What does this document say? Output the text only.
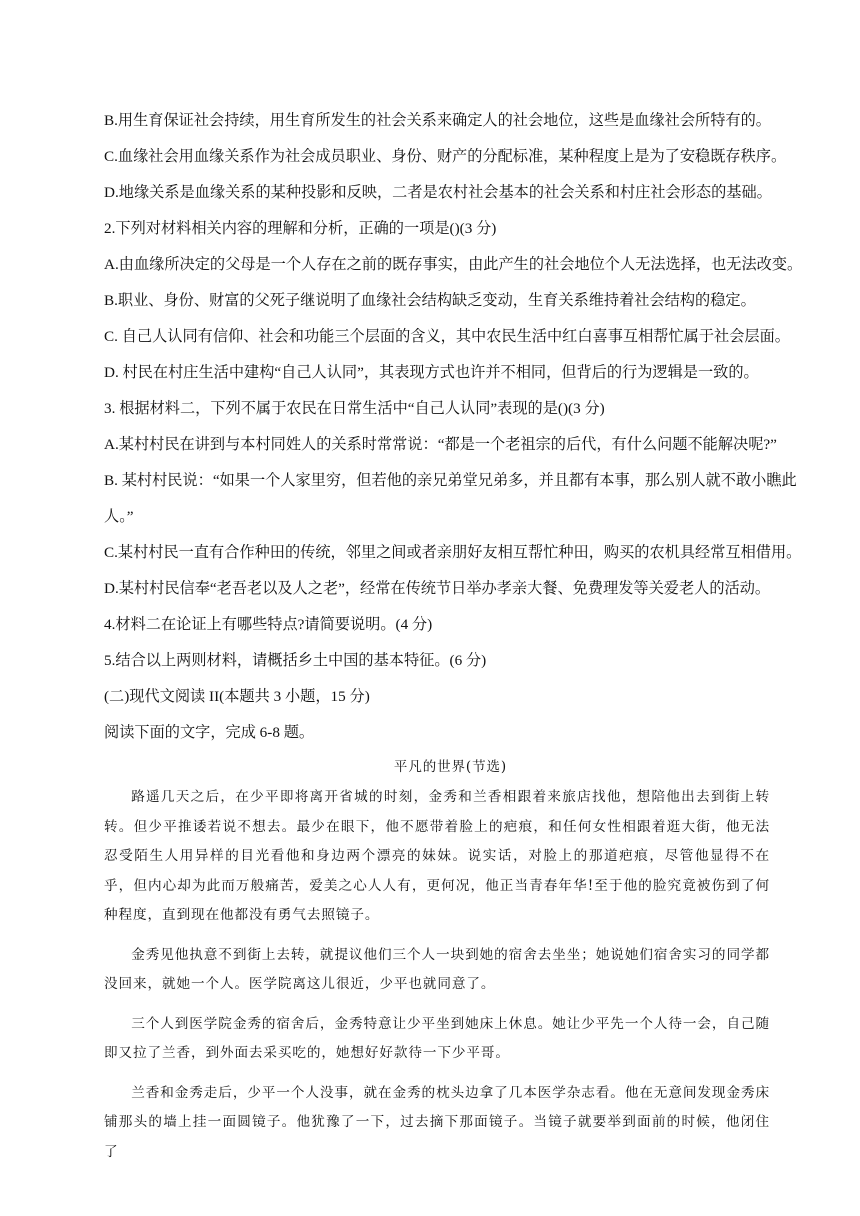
B.用生育保证社会持续，用生育所发生的社会关系来确定人的社会地位，这些是血缘社会所特有的。

C.血缘社会用血缘关系作为社会成员职业、身份、财产的分配标准，某种程度上是为了安稳既存秩序。

D.地缘关系是血缘关系的某种投影和反映，二者是农村社会基本的社会关系和村庄社会形态的基础。

2.下列对材料相关内容的理解和分析，正确的一项是()(3 分)

A.由血缘所决定的父母是一个人存在之前的既存事实，由此产生的社会地位个人无法选择，也无法改变。

B.职业、身份、财富的父死子继说明了血缘社会结构缺乏变动，生育关系维持着社会结构的稳定。

C. 自己人认同有信仰、社会和功能三个层面的含义，其中农民生活中红白喜事互相帮忙属于社会层面。

D. 村民在村庄生活中建构“自己人认同”，其表现方式也许并不相同，但背后的行为逻辑是一致的。

3. 根据材料二，下列不属于农民在日常生活中“自己人认同”表现的是()(3 分)

A.某村村民在讲到与本村同姓人的关系时常常说：“都是一个老祖宗的后代，有什么问题不能解决呢?”

B. 某村村民说：“如果一个人家里穷，但若他的亲兄弟堂兄弟多，并且都有本事，那么别人就不敢小瞧此

人。”

C.某村村民一直有合作种田的传统，邻里之间或者亲朋好友相互帮忙种田，购买的农机具经常互相借用。

D.某村村民信奉“老吾老以及人之老”，经常在传统节日举办孝亲大餐、免费理发等关爱老人的活动。

4.材料二在论证上有哪些特点?请简要说明。(4 分)

5.结合以上两则材料，请概括乡土中国的基本特征。(6 分)

(二)现代文阅读 II(本题共 3 小题，15 分)

阅读下面的文字，完成 6-8 题。

平凡的世界(节选)

路遥几天之后，在少平即将离开省城的时刻，金秀和兰香相跟着来旅店找他，想陪他出去到街上转转。但少平推诿若说不想去。最少在眼下，他不愿带着脸上的疤痕，和任何女性相跟着逛大街，他无法忍受陌生人用异样的目光看他和身边两个漂亮的妹妹。说实话，对脸上的那道疤痕，尽管他显得不在乎，但内心却为此而万般痛苦，爱美之心人人有，更何况，他正当青春年华!至于他的脸究竟被伤到了何种程度，直到现在他都没有勇气去照镜子。

金秀见他执意不到街上去转，就提议他们三个人一块到她的宿舍去坐坐；她说她们宿舍实习的同学都没回来，就她一个人。医学院离这儿很近，少平也就同意了。

三个人到医学院金秀的宿舍后，金秀特意让少平坐到她床上休息。她让少平先一个人待一会，自己随即又拉了兰香，到外面去采买吃的，她想好好款待一下少平哥。

兰香和金秀走后，少平一个人没事，就在金秀的枕头边拿了几本医学杂志看。他在无意间发现金秀床铺那头的墙上挂一面圆镜子。他犹豫了一下，过去摘下那面镜子。当镜子就要举到面前的时候，他闭住了
